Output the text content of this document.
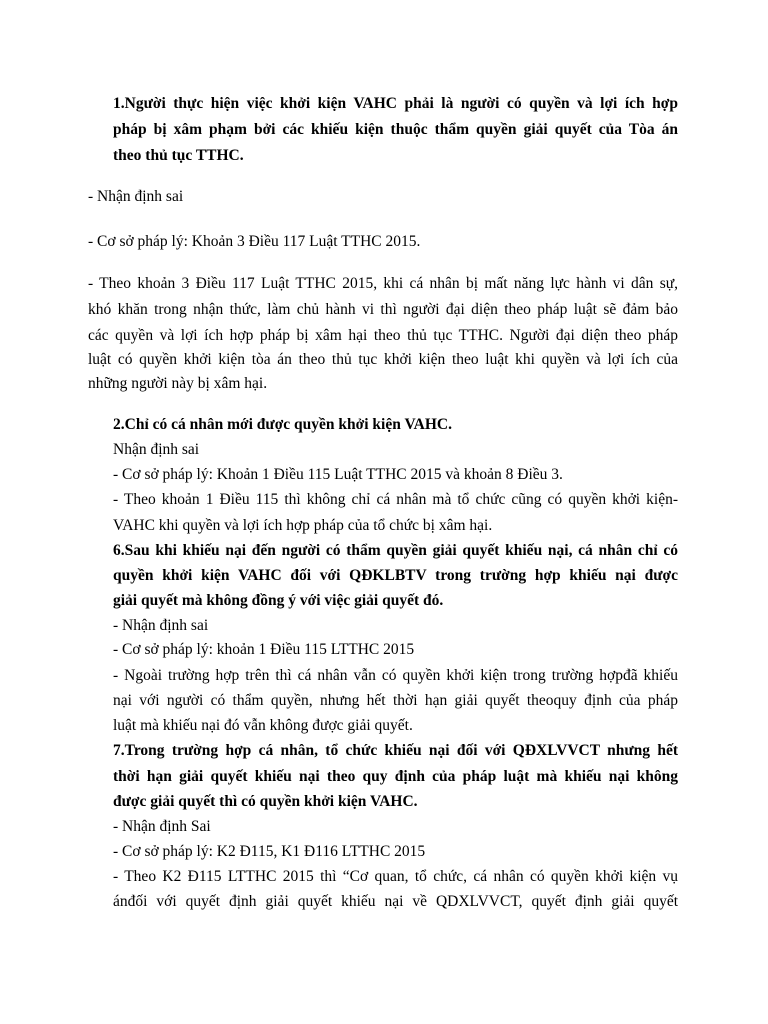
1.Người thực hiện việc khởi kiện VAHC phải là người có quyền và lợi ích hợp
pháp bị xâm phạm bởi các khiếu kiện thuộc thẩm quyền giải quyết của Tòa án
theo thủ tục TTHC.
- Nhận định sai
- Cơ sở pháp lý: Khoản 3 Điều 117 Luật TTHC 2015.
- Theo khoản 3 Điều 117 Luật TTHC 2015, khi cá nhân bị mất năng lực hành vi dân sự,
khó khăn trong nhận thức, làm chủ hành vi thì người đại diện theo pháp luật sẽ đảm bảo
các quyền và lợi ích hợp pháp bị xâm hại theo thủ tục TTHC. Người đại diện theo pháp
luật có quyền khởi kiện tòa án theo thủ tục khởi kiện theo luật khi quyền và lợi ích của
những người này bị xâm hại.
2.Chỉ có cá nhân mới được quyền khởi kiện VAHC.
Nhận định sai
- Cơ sở pháp lý: Khoản 1 Điều 115 Luật TTHC 2015 và khoản 8 Điều 3.
- Theo khoản 1 Điều 115 thì không chỉ cá nhân mà tổ chức cũng có quyền khởi kiện-
VAHC khi quyền và lợi ích hợp pháp của tổ chức bị xâm hại.
6.Sau khi khiếu nại đến người có thẩm quyền giải quyết khiếu nại, cá nhân chỉ có
quyền khởi kiện VAHC đối với QĐKLBTV trong trường hợp khiếu nại được
giải quyết mà không đồng ý với việc giải quyết đó.
- Nhận định sai
- Cơ sở pháp lý: khoản 1 Điều 115 LTTHC 2015
- Ngoài trường hợp trên thì cá nhân vẫn có quyền khởi kiện trong trường hợpđã khiếu
nại với người có thẩm quyền, nhưng hết thời hạn giải quyết theoquy định của pháp
luật mà khiếu nại đó vẫn không được giải quyết.
7.Trong trường hợp cá nhân, tổ chức khiếu nại đối với QĐXLVVCT nhưng hết
thời hạn giải quyết khiếu nại theo quy định của pháp luật mà khiếu nại không
được giải quyết thì có quyền khởi kiện VAHC.
- Nhận định Sai
- Cơ sở pháp lý: K2 Đ115, K1 Đ116 LTTHC 2015
- Theo K2 Đ115 LTTHC 2015 thì “Cơ quan, tổ chức, cá nhân có quyền khởi kiện vụ
ánđối với quyết định giải quyết khiếu nại về QDXLVVCT, quyết định giải quyết
